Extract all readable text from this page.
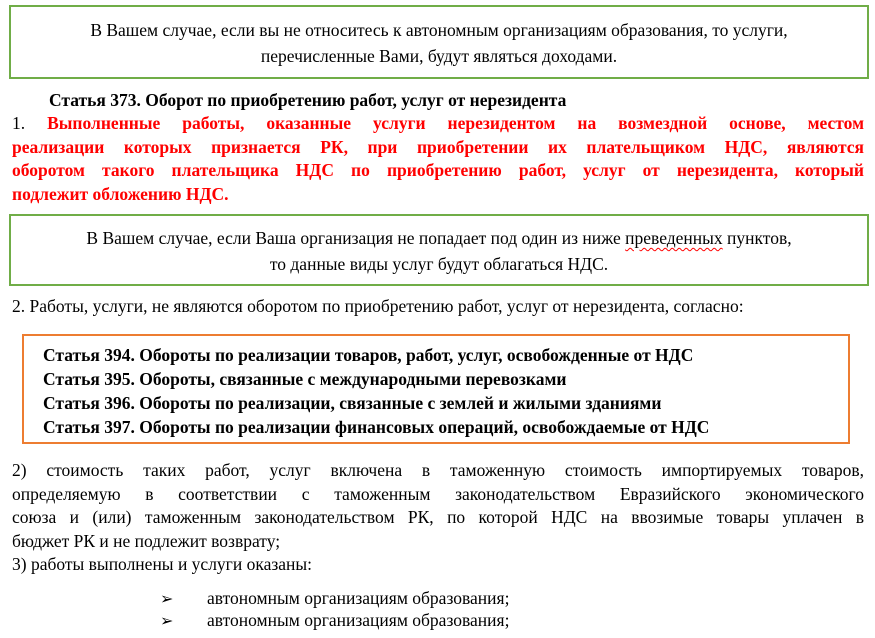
В Вашем случае, если вы не относитесь к автономным организациям образования, то услуги,
перечисленные Вами, будут являться доходами.
Статья 373. Оборот по приобретению работ, услуг от нерезидента
1. Выполненные работы, оказанные услуги нерезидентом на возмездной основе, местом
реализации которых признается РК, при приобретении их плательщиком НДС, являются
оборотом такого плательщика НДС по приобретению работ, услуг от нерезидента, который
подлежит обложению НДС.
В Вашем случае, если Ваша организация не попадает под один из ниже преведенных пунктов,
то данные виды услуг будут облагаться НДС.
2. Работы, услуги, не являются оборотом по приобретению работ, услуг от нерезидента, согласно:
Статья 394. Обороты по реализации товаров, работ, услуг, освобожденные от НДС
Статья 395. Обороты, связанные с международными перевозками
Статья 396. Обороты по реализации, связанные с землей и жилыми зданиями
Статья 397. Обороты по реализации финансовых операций, освобождаемые от НДС
2) стоимость таких работ, услуг включена в таможенную стоимость импортируемых товаров,
определяемую в соответствии с таможенным законодательством Евразийского экономического
союза и (или) таможенным законодательством РК, по которой НДС на ввозимые товары уплачен в
бюджет РК и не подлежит возврату;
3) работы выполнены и услуги оказаны:
➢ автономным организациям образования;
➢ автономным организациям образования;
